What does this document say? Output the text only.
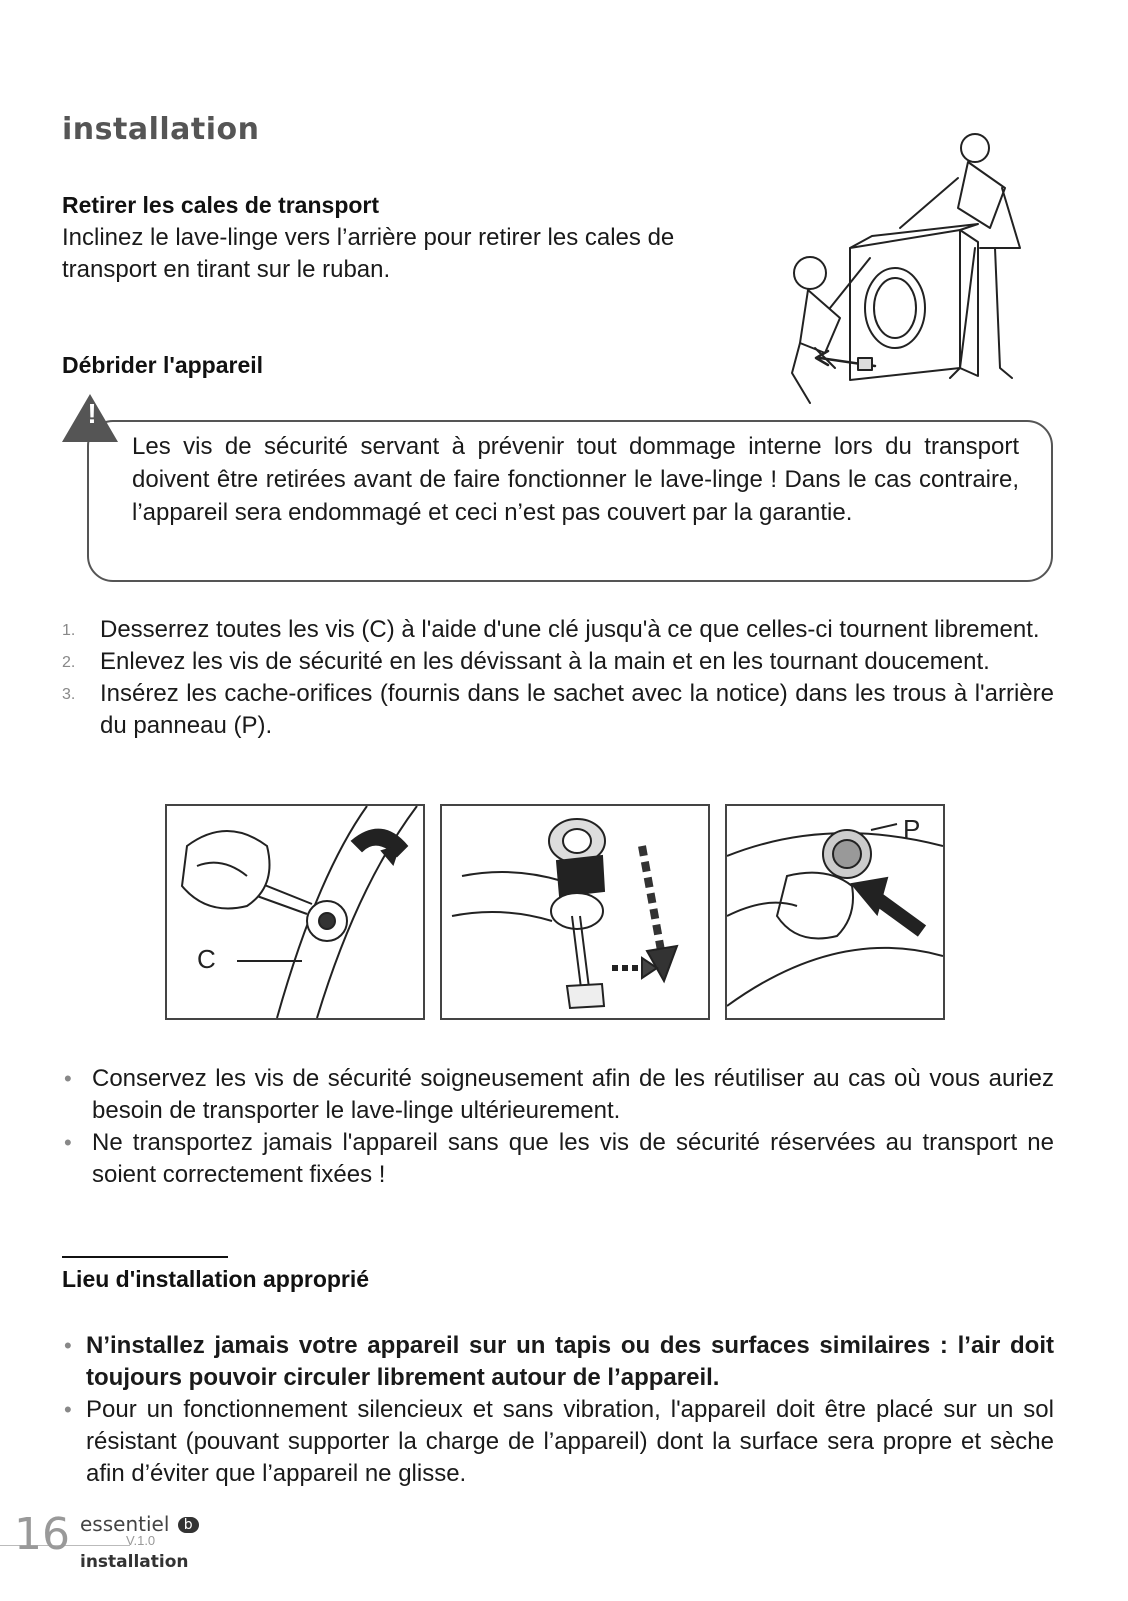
installation
Retirer les cales de transport
Inclinez le lave-linge vers l’arrière pour retirer les cales de transport en tirant sur le ruban.
Débrider l'appareil
!
Les vis de sécurité servant à prévenir tout dommage interne lors du transport doivent être retirées avant de faire fonctionner le lave-linge ! Dans le cas contraire, l’appareil sera endommagé et ceci n’est pas couvert par la garantie.
1. Desserrez toutes les vis (C) à l'aide d'une clé jusqu'à ce que celles-ci tournent librement.
2. Enlevez les vis de sécurité en les dévissant à la main et en les tournant doucement.
3. Insérez les cache-orifices (fournis dans le sachet avec la notice) dans les trous à l'arrière du panneau (P).
C
P
• Conservez les vis de sécurité soigneusement afin de les réutiliser au cas où vous auriez besoin de transporter le lave-linge ultérieurement.
• Ne transportez jamais l'appareil sans que les vis de sécurité réservées au transport ne soient correctement fixées !
Lieu d'installation approprié
• N’installez jamais votre appareil sur un tapis ou des surfaces similaires : l’air doit toujours pouvoir circuler librement autour de l’appareil.
• Pour un fonctionnement silencieux et sans vibration, l'appareil doit être placé sur un sol résistant (pouvant supporter la charge de l’appareil) dont la surface sera propre et sèche afin d’éviter que l’appareil ne glisse.
16 essentiel b
V.1.0
installation
